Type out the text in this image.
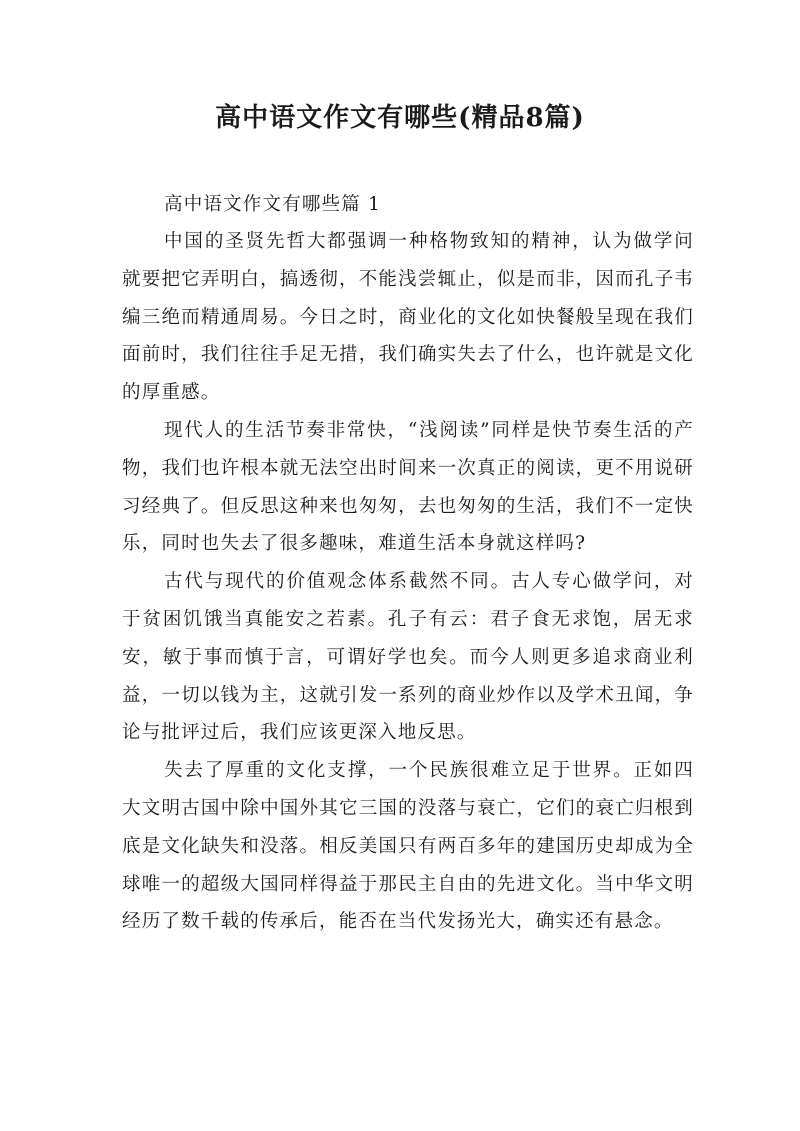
高中语文作文有哪些(精品8篇)
高中语文作文有哪些篇 1

中国的圣贤先哲大都强调一种格物致知的精神，认为做学问就要把它弄明白，搞透彻，不能浅尝辄止，似是而非，因而孔子韦编三绝而精通周易。今日之时，商业化的文化如快餐般呈现在我们面前时，我们往往手足无措，我们确实失去了什么，也许就是文化的厚重感。

现代人的生活节奏非常快，“浅阅读”同样是快节奏生活的产物，我们也许根本就无法空出时间来一次真正的阅读，更不用说研习经典了。但反思这种来也匆匆，去也匆匆的生活，我们不一定快乐，同时也失去了很多趣味，难道生活本身就这样吗?

古代与现代的价值观念体系截然不同。古人专心做学问，对于贫困饥饿当真能安之若素。孔子有云：君子食无求饱，居无求安，敏于事而慎于言，可谓好学也矣。而今人则更多追求商业利益，一切以钱为主，这就引发一系列的商业炒作以及学术丑闻，争论与批评过后，我们应该更深入地反思。

失去了厚重的文化支撑，一个民族很难立足于世界。正如四大文明古国中除中国外其它三国的没落与衰亡，它们的衰亡归根到底是文化缺失和没落。相反美国只有两百多年的建国历史却成为全球唯一的超级大国同样得益于那民主自由的先进文化。当中华文明经历了数千载的传承后，能否在当代发扬光大，确实还有悬念。
